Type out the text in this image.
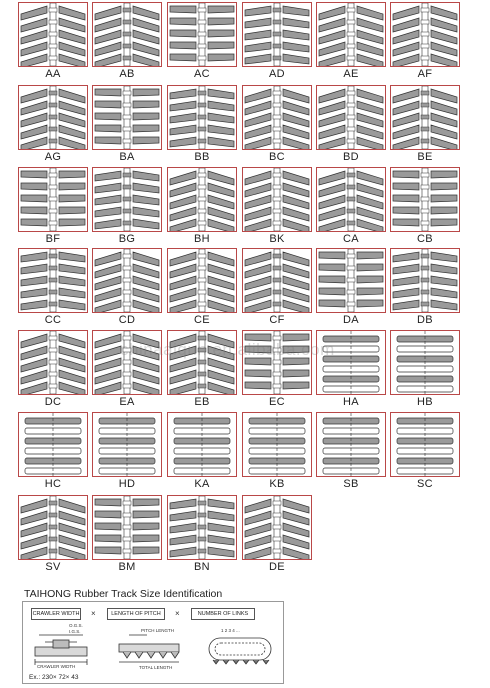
AA	AB	AC	AD	AE	AF
AG	BA	BB	BC	BD	BE
BF	BG	BH	BK	CA	CB
CC	CD	CE	CF	DA	DB
DC	EA	EB	EC	HA	HB
HC	HD	KA	KB	SB	SC
SV	BM	BN	DE
chinaaiqun.en.alibaba.com
TAIHONG Rubber Track Size Identification
CRAWLER WIDTH ×	LENGTH OF PITCH	×	NUMBER OF LINKS
O.G.S.
I.G.S.
CRAWLER WIDTH
PITCH LENGTH
TOTAL LENGTH
1 2 3 4 ...
Ex.: 230× 72× 43
